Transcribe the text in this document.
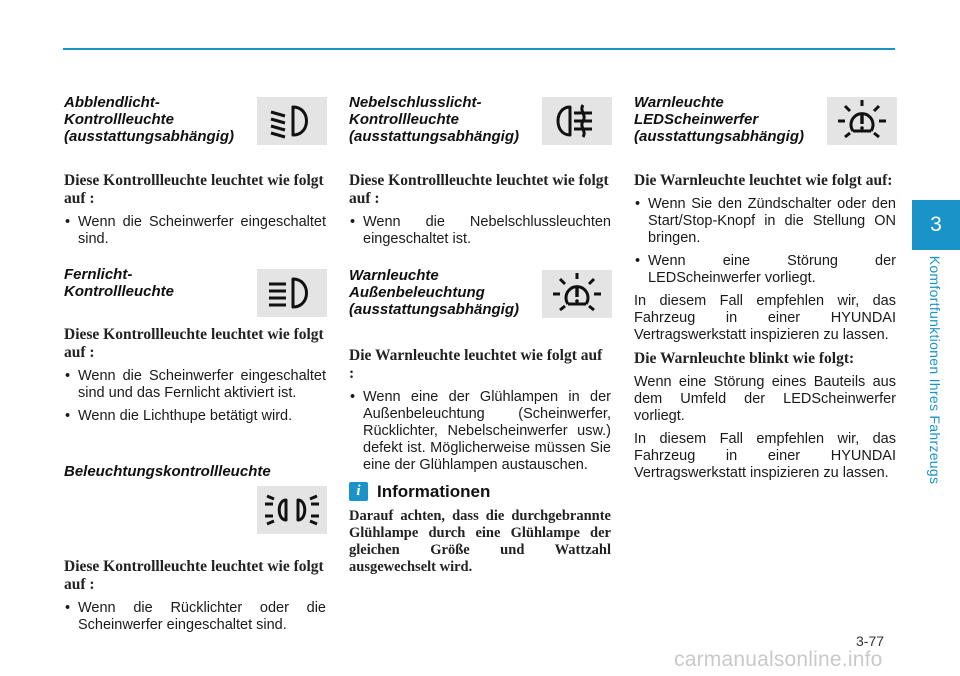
Abblendlicht-
Kontrollleuchte
(ausstattungsabhängig)

Diese Kontrollleuchte leuchtet wie folgt auf :

• Wenn die Scheinwerfer eingeschaltet sind.
Fernlicht-
Kontrollleuchte

Diese Kontrollleuchte leuchtet wie folgt auf :

• Wenn die Scheinwerfer eingeschaltet sind und das Fernlicht aktiviert ist.
• Wenn die Lichthupe betätigt wird.
Beleuchtungskontrollleuchte

Diese Kontrollleuchte leuchtet wie folgt auf :

• Wenn die Rücklichter oder die Scheinwerfer eingeschaltet sind.
Nebelschlusslicht-
Kontrollleuchte
(ausstattungsabhängig)

Diese Kontrollleuchte leuchtet wie folgt auf :

• Wenn die Nebelschlussleuchten eingeschaltet ist.
Warnleuchte
Außenbeleuchtung
(ausstattungsabhängig)

Die Warnleuchte leuchtet wie folgt auf :

• Wenn eine der Glühlampen in der Außenbeleuchtung (Scheinwerfer, Rücklichter, Nebelscheinwerfer usw.) defekt ist. Möglicherweise müssen Sie eine der Glühlampen austauschen.
i Informationen

Darauf achten, dass die durchgebrannte Glühlampe durch eine Glühlampe der gleichen Größe und Wattzahl ausgewechselt wird.

Warnleuchte
LEDScheinwerfer
(ausstattungsabhängig)

Die Warnleuchte leuchtet wie folgt auf:

• Wenn Sie den Zündschalter oder den Start/Stop-Knopf in die Stellung ON bringen.
• Wenn eine Störung der LEDScheinwerfer vorliegt.

In diesem Fall empfehlen wir, das Fahrzeug in einer HYUNDAI Vertragswerkstatt inspizieren zu lassen.

Die Warnleuchte blinkt wie folgt:

Wenn eine Störung eines Bauteils aus dem Umfeld der LEDScheinwerfer vorliegt.

In diesem Fall empfehlen wir, das Fahrzeug in einer HYUNDAI Vertragswerkstatt inspizieren zu lassen.

3
Komfortfunktionen Ihres Fahrzeugs
3-77
carmanualsonline.info
